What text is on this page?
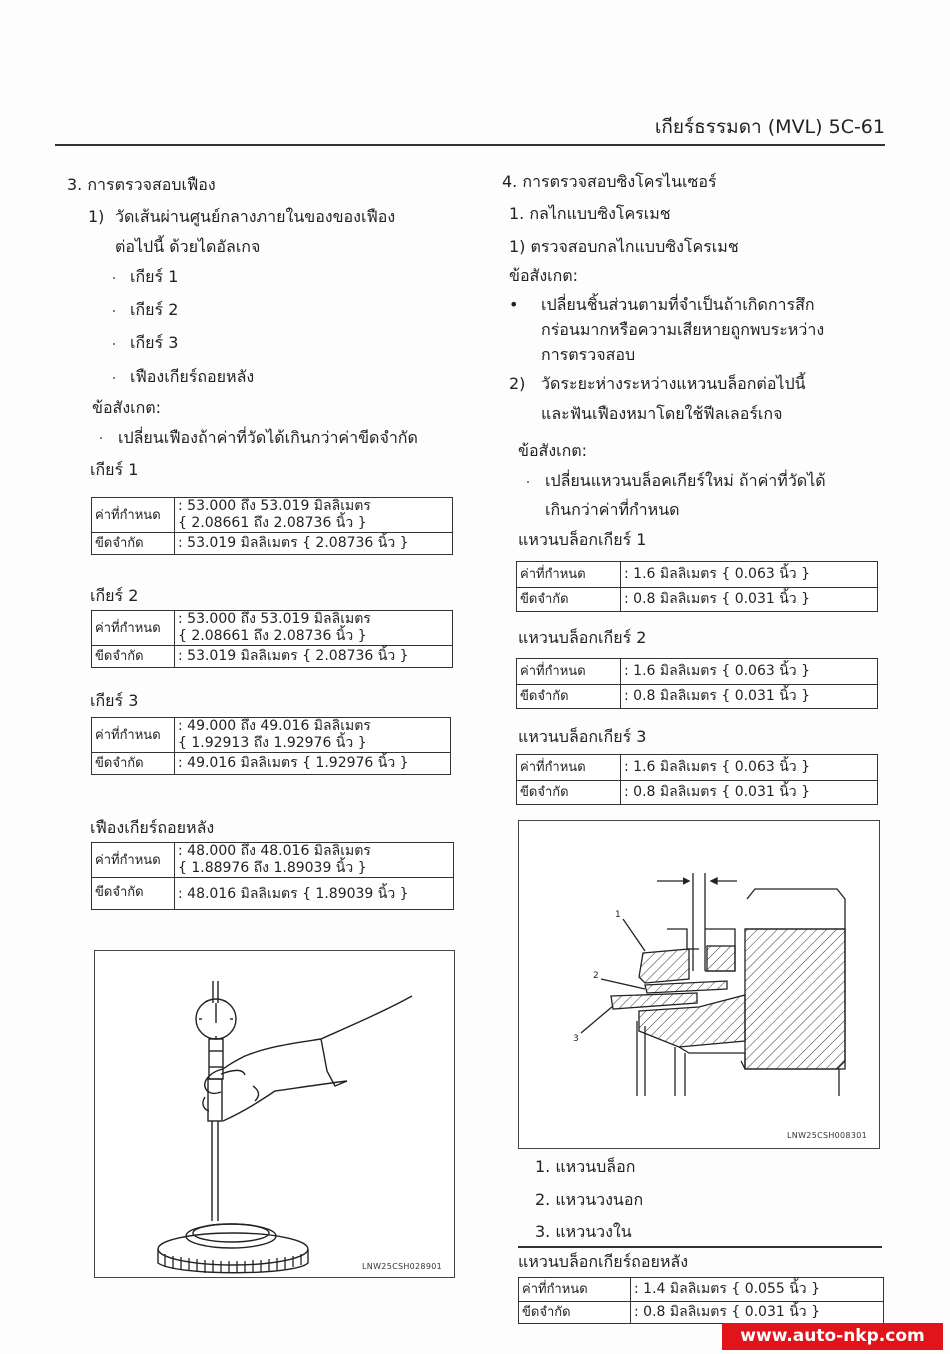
เกียร์ธรรมดา (MVL) 5C-61
3. การตรวจสอบเฟือง
1) วัดเส้นผ่านศูนย์กลางภายในของของเฟือง
ต่อไปนี้ ด้วยไดอัลเกจ
เกียร์ 1
เกียร์ 2
เกียร์ 3
เฟืองเกียร์ถอยหลัง
ข้อสังเกต:
เปลี่ยนเฟืองถ้าค่าที่วัดได้เกินกว่าค่าขีดจำกัด
เกียร์ 1
ค่าที่กำหนด	: 53.000 ถึง 53.019 มิลลิเมตร
{ 2.08661 ถึง 2.08736 นิ้ว }

ขีดจำกัด	: 53.019 มิลลิเมตร { 2.08736 นิ้ว }
เกียร์ 2
ค่าที่กำหนด	: 53.000 ถึง 53.019 มิลลิเมตร
{ 2.08661 ถึง 2.08736 นิ้ว }

ขีดจำกัด	: 53.019 มิลลิเมตร { 2.08736 นิ้ว }
เกียร์ 3
ค่าที่กำหนด	: 49.000 ถึง 49.016 มิลลิเมตร
{ 1.92913 ถึง 1.92976 นิ้ว }

ขีดจำกัด	: 49.016 มิลลิเมตร { 1.92976 นิ้ว }
เฟืองเกียร์ถอยหลัง
ค่าที่กำหนด	: 48.000 ถึง 48.016 มิลลิเมตร
{ 1.88976 ถึง 1.89039 นิ้ว }

ขีดจำกัด	: 48.016 มิลลิเมตร { 1.89039 นิ้ว }
LNW25CSH028901
4. การตรวจสอบซิงโครไนเซอร์
1. กลไกแบบซิงโครเมช
1) ตรวจสอบกลไกแบบซิงโครเมช
ข้อสังเกต:
• เปลี่ยนชิ้นส่วนตามที่จำเป็นถ้าเกิดการสึก
กร่อนมากหรือความเสียหายถูกพบระหว่าง
การตรวจสอบ
2) วัดระยะห่างระหว่างแหวนบล็อกต่อไปนี้
และฟันเฟืองหมาโดยใช้ฟีลเลอร์เกจ
ข้อสังเกต:
เปลี่ยนแหวนบล็อคเกียร์ใหม่ ถ้าค่าที่วัดได้
เกินกว่าค่าที่กำหนด
แหวนบล็อกเกียร์ 1
ค่าที่กำหนด	: 1.6 มิลลิเมตร { 0.063 นิ้ว }
ขีดจำกัด	: 0.8 มิลลิเมตร { 0.031 นิ้ว }
แหวนบล็อกเกียร์ 2
ค่าที่กำหนด	: 1.6 มิลลิเมตร { 0.063 นิ้ว }
ขีดจำกัด	: 0.8 มิลลิเมตร { 0.031 นิ้ว }
แหวนบล็อกเกียร์ 3
ค่าที่กำหนด	: 1.6 มิลลิเมตร { 0.063 นิ้ว }
ขีดจำกัด	: 0.8 มิลลิเมตร { 0.031 นิ้ว }
1
2
3
LNW25CSH008301
1. แหวนบล็อก
2. แหวนวงนอก
3. แหวนวงใน
แหวนบล็อกเกียร์ถอยหลัง
ค่าที่กำหนด	: 1.4 มิลลิเมตร { 0.055 นิ้ว }
ขีดจำกัด	: 0.8 มิลลิเมตร { 0.031 นิ้ว }
www.auto-nkp.com
